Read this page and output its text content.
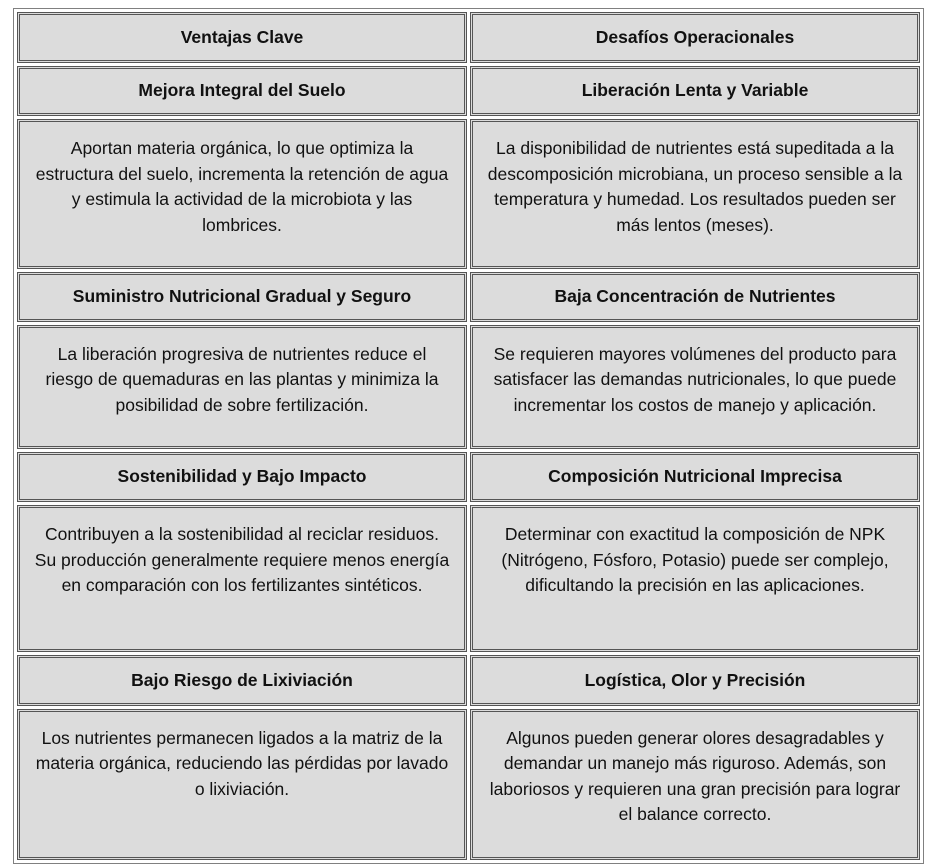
Ventajas Clave	Desafíos Operacionales
Mejora Integral del Suelo	Liberación Lenta y Variable
Aportan materia orgánica, lo que optimiza la estructura del suelo, incrementa la retención de agua y estimula la actividad de la microbiota y las lombrices.	La disponibilidad de nutrientes está supeditada a la descomposición microbiana, un proceso sensible a la temperatura y humedad. Los resultados pueden ser más lentos (meses).
Suministro Nutricional Gradual y Seguro	Baja Concentración de Nutrientes
La liberación progresiva de nutrientes reduce el riesgo de quemaduras en las plantas y minimiza la posibilidad de sobre fertilización.	Se requieren mayores volúmenes del producto para satisfacer las demandas nutricionales, lo que puede incrementar los costos de manejo y aplicación.
Sostenibilidad y Bajo Impacto	Composición Nutricional Imprecisa
Contribuyen a la sostenibilidad al reciclar residuos. Su producción generalmente requiere menos energía en comparación con los fertilizantes sintéticos.	Determinar con exactitud la composición de NPK (Nitrógeno, Fósforo, Potasio) puede ser complejo, dificultando la precisión en las aplicaciones.
Bajo Riesgo de Lixiviación	Logística, Olor y Precisión
Los nutrientes permanecen ligados a la matriz de la materia orgánica, reduciendo las pérdidas por lavado o lixiviación.	Algunos pueden generar olores desagradables y demandar un manejo más riguroso. Además, son laboriosos y requieren una gran precisión para lograr el balance correcto.
